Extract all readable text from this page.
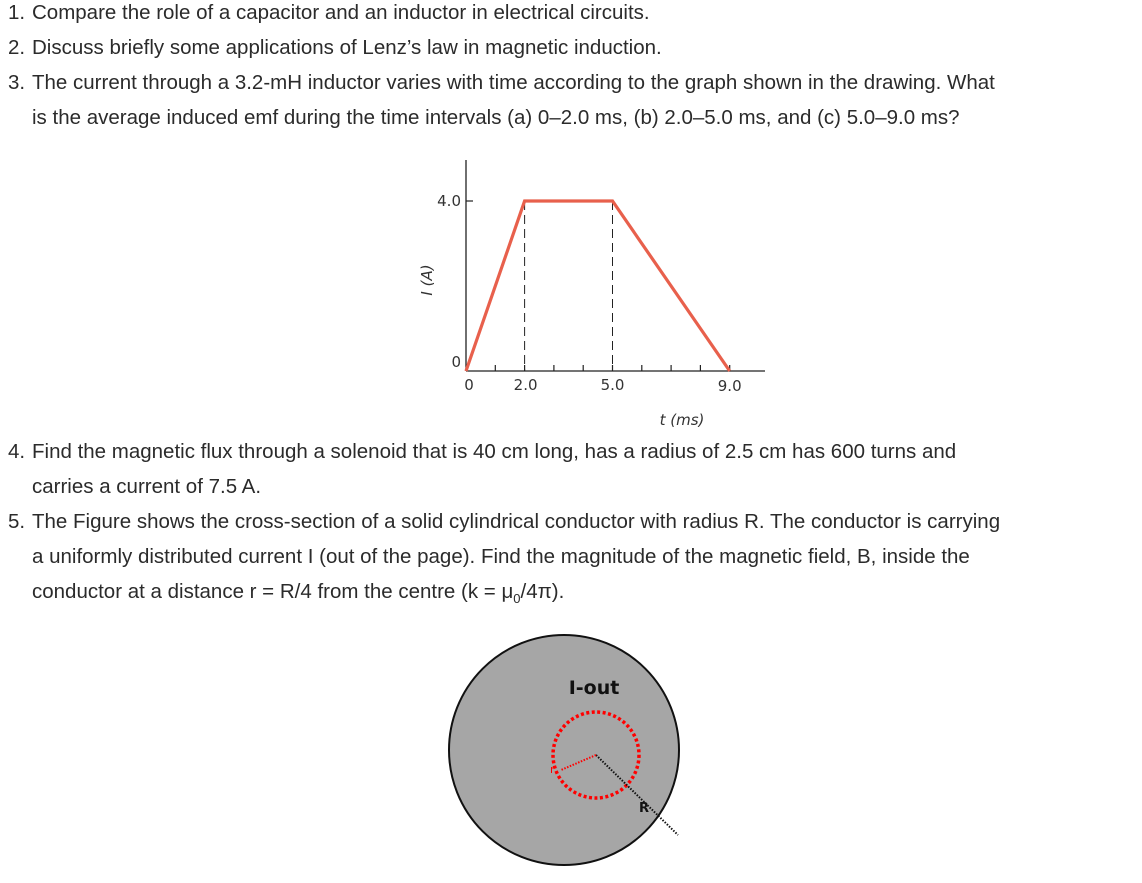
1. Compare the role of a capacitor and an inductor in electrical circuits.
2. Discuss briefly some applications of Lenz’s law in magnetic induction.
3. The current through a 3.2-mH inductor varies with time according to the graph shown in the drawing. What
is the average induced emf during the time intervals (a) 0–2.0 ms, (b) 2.0–5.0 ms, and (c) 5.0–9.0 ms?
0
4.0
0	2.0	5.0	9.0
t (ms)
I (A)
4. Find the magnetic flux through a solenoid that is 40 cm long, has a radius of 2.5 cm has 600 turns and
carries a current of 7.5 A.
5. The Figure shows the cross-section of a solid cylindrical conductor with radius R. The conductor is carrying
a uniformly distributed current I (out of the page). Find the magnitude of the magnetic field, B, inside the
conductor at a distance r = R/4 from the centre $(k = \mu_0/4\pi)$.
I-out
R
r
